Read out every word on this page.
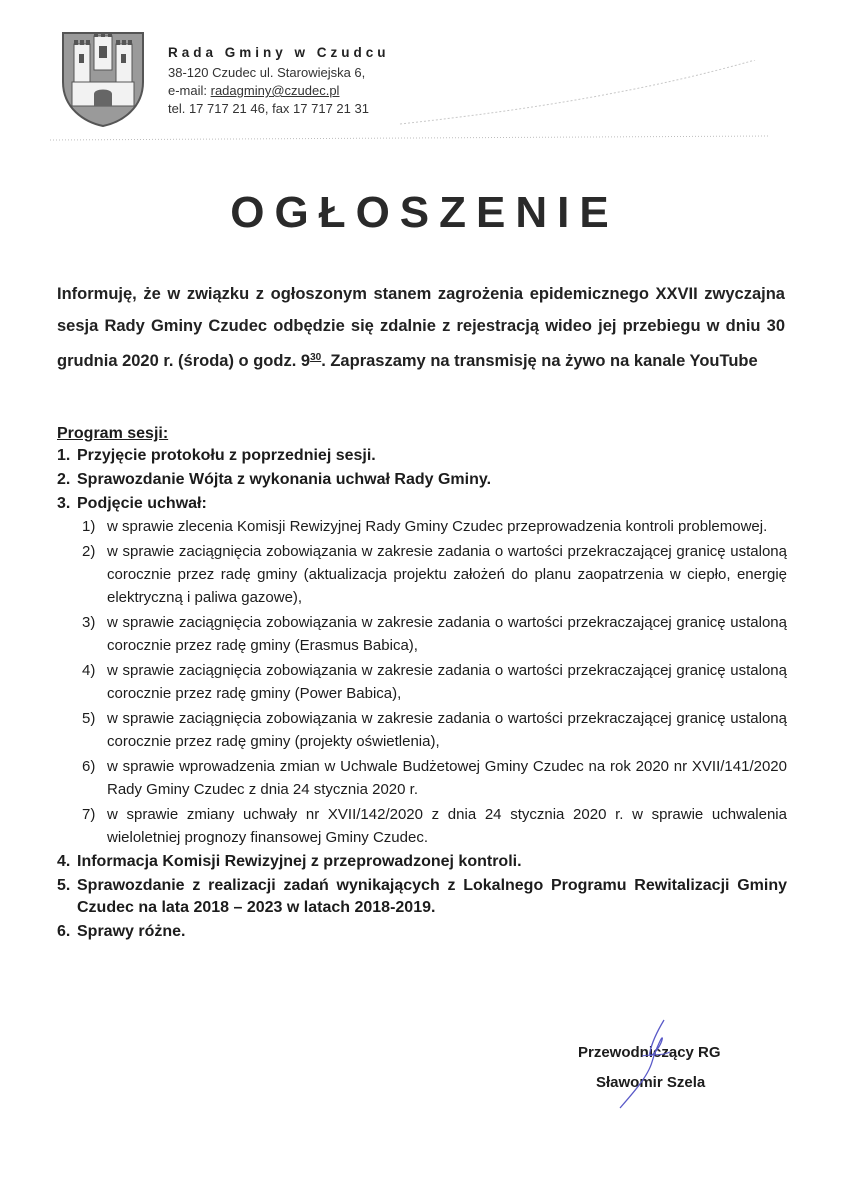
Rada Gminy w Czudcu
38-120 Czudec ul. Starowiejska 6,
e-mail: radagminy@czudec.pl
tel. 17 717 21 46, fax 17 717 21 31
OGŁOSZENIE
Informuję, że w związku z ogłoszonym stanem zagrożenia epidemicznego XXVII zwyczajna sesja Rady Gminy Czudec odbędzie się zdalnie z rejestracją wideo jej przebiegu w dniu 30 grudnia 2020 r. (środa) o godz. $9^{30}$. Zapraszamy na transmisję na żywo na kanale YouTube
Program sesji:
1. Przyjęcie protokołu z poprzedniej sesji.
2. Sprawozdanie Wójta z wykonania uchwał Rady Gminy.
3. Podjęcie uchwał:
1) w sprawie zlecenia Komisji Rewizyjnej Rady Gminy Czudec przeprowadzenia kontroli problemowej.
2) w sprawie zaciągnięcia zobowiązania w zakresie zadania o wartości przekraczającej granicę ustaloną corocznie przez radę gminy (aktualizacja projektu założeń do planu zaopatrzenia w ciepło, energię elektryczną i paliwa gazowe),
3) w sprawie zaciągnięcia zobowiązania w zakresie zadania o wartości przekraczającej granicę ustaloną corocznie przez radę gminy (Erasmus Babica),
4) w sprawie zaciągnięcia zobowiązania w zakresie zadania o wartości przekraczającej granicę ustaloną corocznie przez radę gminy (Power Babica),
5) w sprawie zaciągnięcia zobowiązania w zakresie zadania o wartości przekraczającej granicę ustaloną corocznie przez radę gminy (projekty oświetlenia),
6) w sprawie wprowadzenia zmian w Uchwale Budżetowej Gminy Czudec na rok 2020 nr XVII/141/2020 Rady Gminy Czudec z dnia 24 stycznia 2020 r.
7) w sprawie zmiany uchwały nr XVII/142/2020 z dnia 24 stycznia 2020 r. w sprawie uchwalenia wieloletniej prognozy finansowej Gminy Czudec.
4. Informacja Komisji Rewizyjnej z przeprowadzonej kontroli.
5. Sprawozdanie z realizacji zadań wynikających z Lokalnego Programu Rewitalizacji Gminy Czudec na lata 2018 – 2023 w latach 2018-2019.
6. Sprawy różne.
Przewodniczący RG
Sławomir Szela
